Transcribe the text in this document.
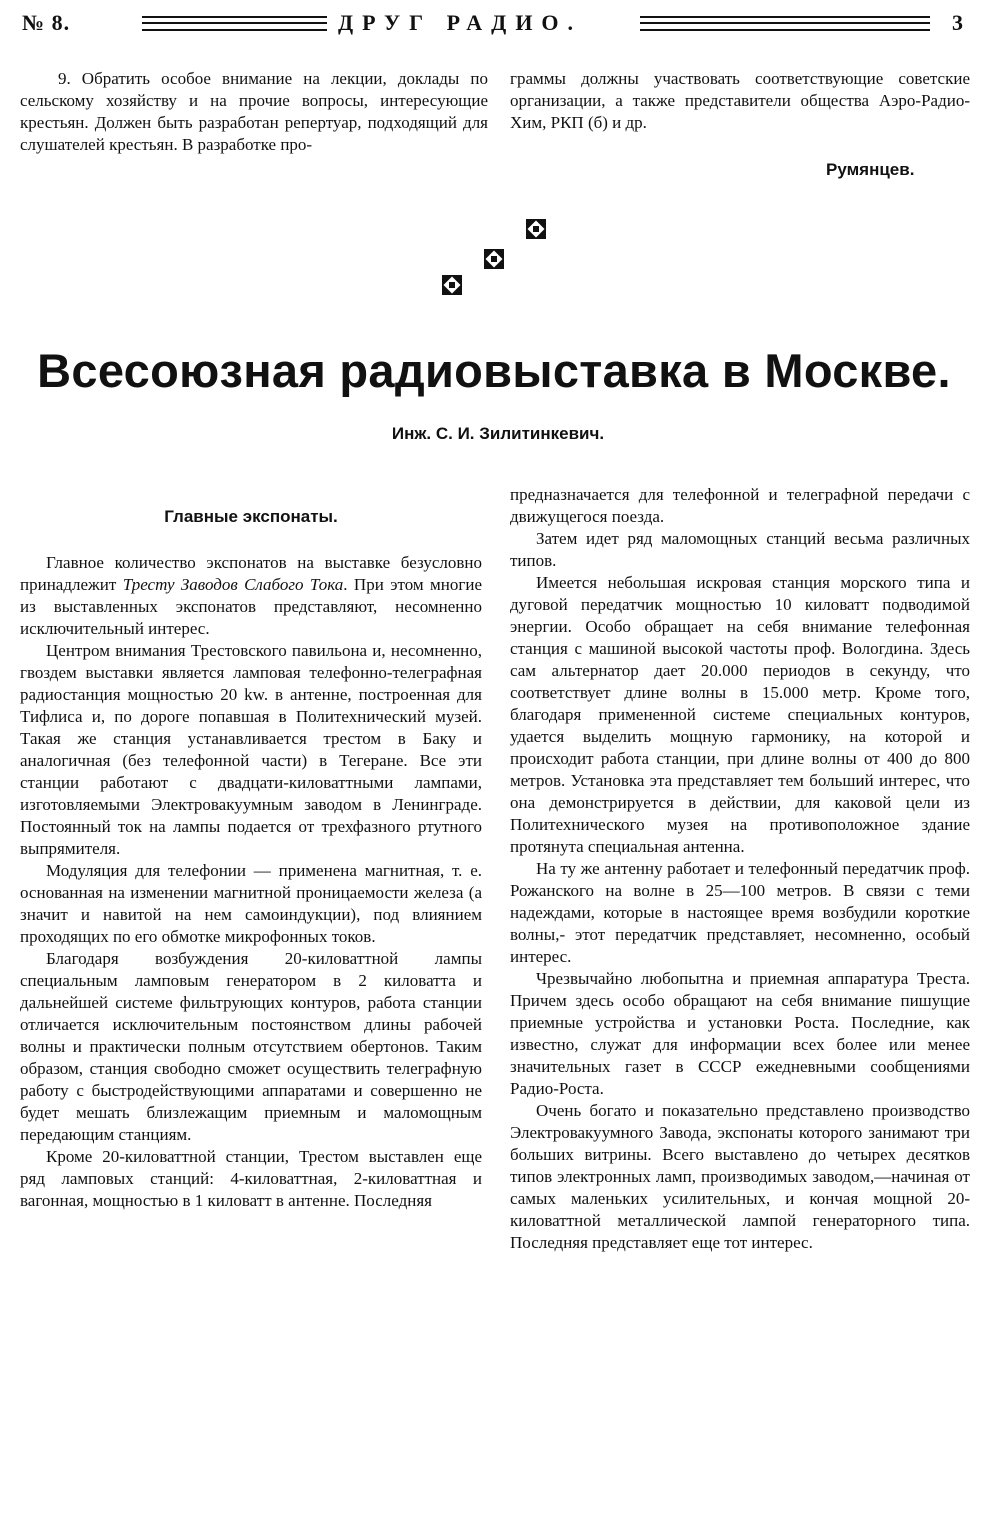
№ 8.	ДРУГ РАДИО.	3

9. Обратить особое внимание на лекции, доклады по сельскому хозяйству и на прочие вопросы, интересующие крестьян. Должен быть разработан репертуар, подходящий для слушателей крестьян. В разработке про-

граммы должны участвовать соответствующие советские организации, а также представители общества Аэро-Радио-Хим, РКП (б) и др.

Румянцев.
Всесоюзная радиовыставка в Москве.
Инж. С. И. Зилитинкевич.
Главные экспонаты.

Главное количество экспонатов на выставке безусловно принадлежит Тресту Заводов Слабого Тока. При этом многие из выставленных экспонатов представляют, несомненно исключительный интерес.

Центром внимания Трестовского павильона и, несомненно, гвоздем выставки является ламповая телефонно-телеграфная радиостанция мощностью 20 kw. в антенне, построенная для Тифлиса и, по дороге попавшая в Политехнический музей. Такая же станция устанавливается трестом в Баку и аналогичная (без телефонной части) в Тегеране. Все эти станции работают с двадцати-киловаттными лампами, изготовляемыми Электровакуумным заводом в Ленинграде. Постоянный ток на лампы подается от трехфазного ртутного выпрямителя.

Модуляция для телефонии — применена магнитная, т. е. основанная на изменении магнитной проницаемости железа (а значит и навитой на нем самоиндукции), под влиянием проходящих по его обмотке микрофонных токов.

Благодаря возбуждения 20-киловаттной лампы специальным ламповым генератором в 2 киловатта и дальнейшей системе фильтрующих контуров, работа станции отличается исключительным постоянством длины рабочей волны и практически полным отсутствием обертонов. Таким образом, станция свободно сможет осуществить телеграфную работу с быстродействующими аппаратами и совершенно не будет мешать близлежащим приемным и маломощным передающим станциям.

Кроме 20-киловаттной станции, Трестом выставлен еще ряд ламповых станций: 4-киловаттная, 2-киловаттная и вагонная, мощностью в 1 киловатт в антенне. Последняя

предназначается для телефонной и телеграфной передачи с движущегося поезда.

Затем идет ряд маломощных станций весьма различных типов.

Имеется небольшая искровая станция морского типа и дуговой передатчик мощностью 10 киловатт подводимой энергии. Особо обращает на себя внимание телефонная станция с машиной высокой частоты проф. Вологдина. Здесь сам альтернатор дает 20.000 периодов в секунду, что соответствует длине волны в 15.000 метр. Кроме того, благодаря примененной системе специальных контуров, удается выделить мощную гармонику, на которой и происходит работа станции, при длине волны от 400 до 800 метров. Установка эта представляет тем больший интерес, что она демонстрируется в действии, для каковой цели из Политехнического музея на противоположное здание протянута специальная антенна.

На ту же антенну работает и телефонный передатчик проф. Рожанского на волне в 25—100 метров. В связи с теми надеждами, которые в настоящее время возбудили короткие волны,- этот передатчик представляет, несомненно, особый интерес.

Чрезвычайно любопытна и приемная аппаратура Треста. Причем здесь особо обращают на себя внимание пишущие приемные устройства и установки Роста. Последние, как известно, служат для информации всех более или менее значительных газет в СССР ежедневными сообщениями Радио-Роста.

Очень богато и показательно представлено производство Электровакуумного Завода, экспонаты которого занимают три больших витрины. Всего выставлено до четырех десятков типов электронных ламп, производимых заводом,—начиная от самых маленьких усилительных, и кончая мощной 20-киловаттной металлической лампой генераторного типа. Последняя представляет еще тот интерес.
